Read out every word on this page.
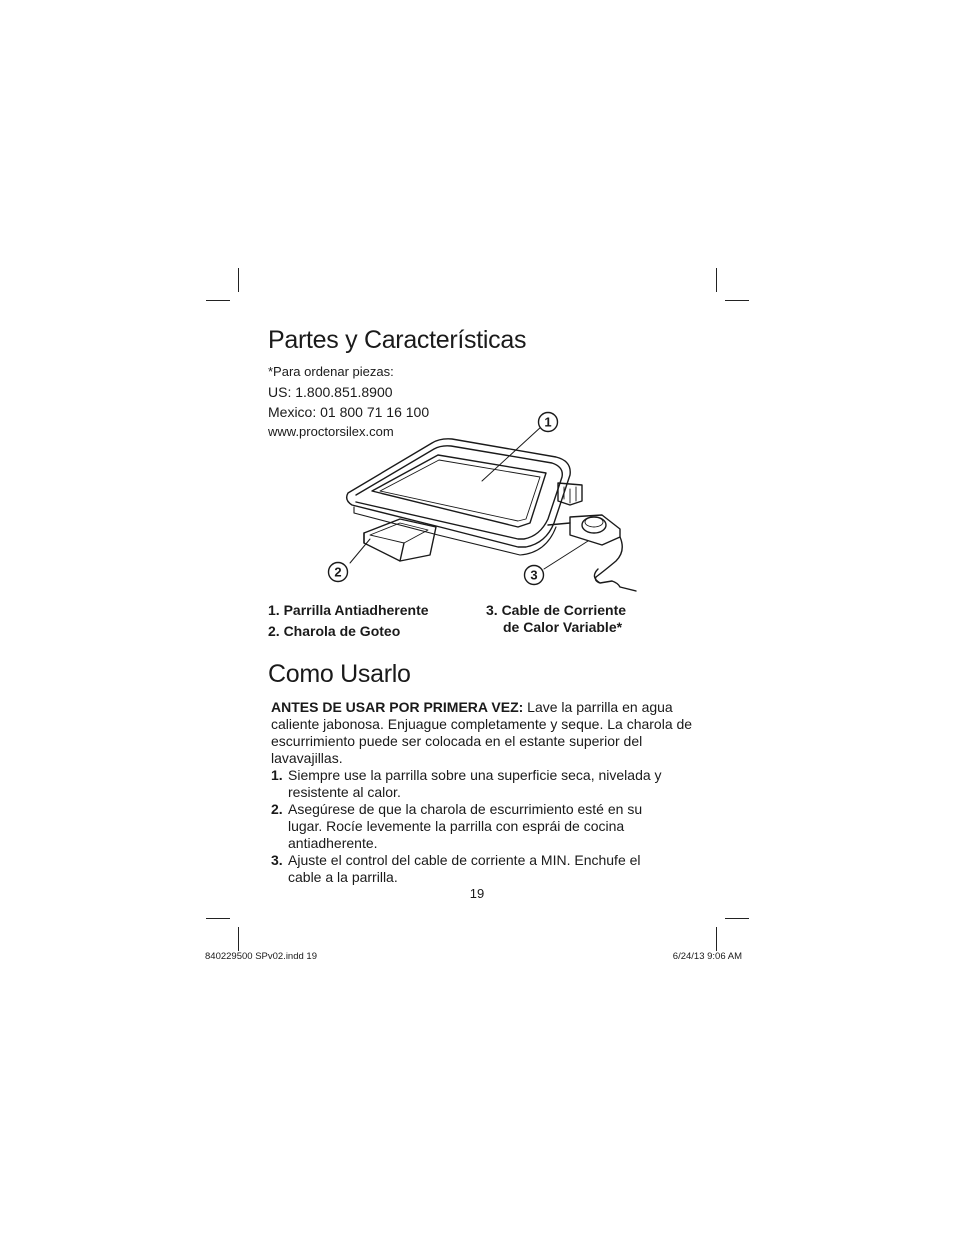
Partes y Características
*Para ordenar piezas:
US: 1.800.851.8900
Mexico: 01 800 71 16 100
www.proctorsilex.com
1
2	3
1. Parrilla Antiadherente
2. Charola de Goteo
3. Cable de Corriente
de Calor Variable*
Como Usarlo

ANTES DE USAR POR PRIMERA VEZ: Lave la parrilla en agua caliente jabonosa. Enjuague completamente y seque. La charola de escurrimiento puede ser colocada en el estante superior del lavavajillas.

1. Siempre use la parrilla sobre una superficie seca, nivelada y resistente al calor.
2. Asegúrese de que la charola de escurrimiento esté en su lugar. Rocíe levemente la parrilla con esprái de cocina antiadherente.
3. Ajuste el control del cable de corriente a MIN. Enchufe el cable a la parrilla.
19
840229500 SPv02.indd 19	6/24/13 9:06 AM
